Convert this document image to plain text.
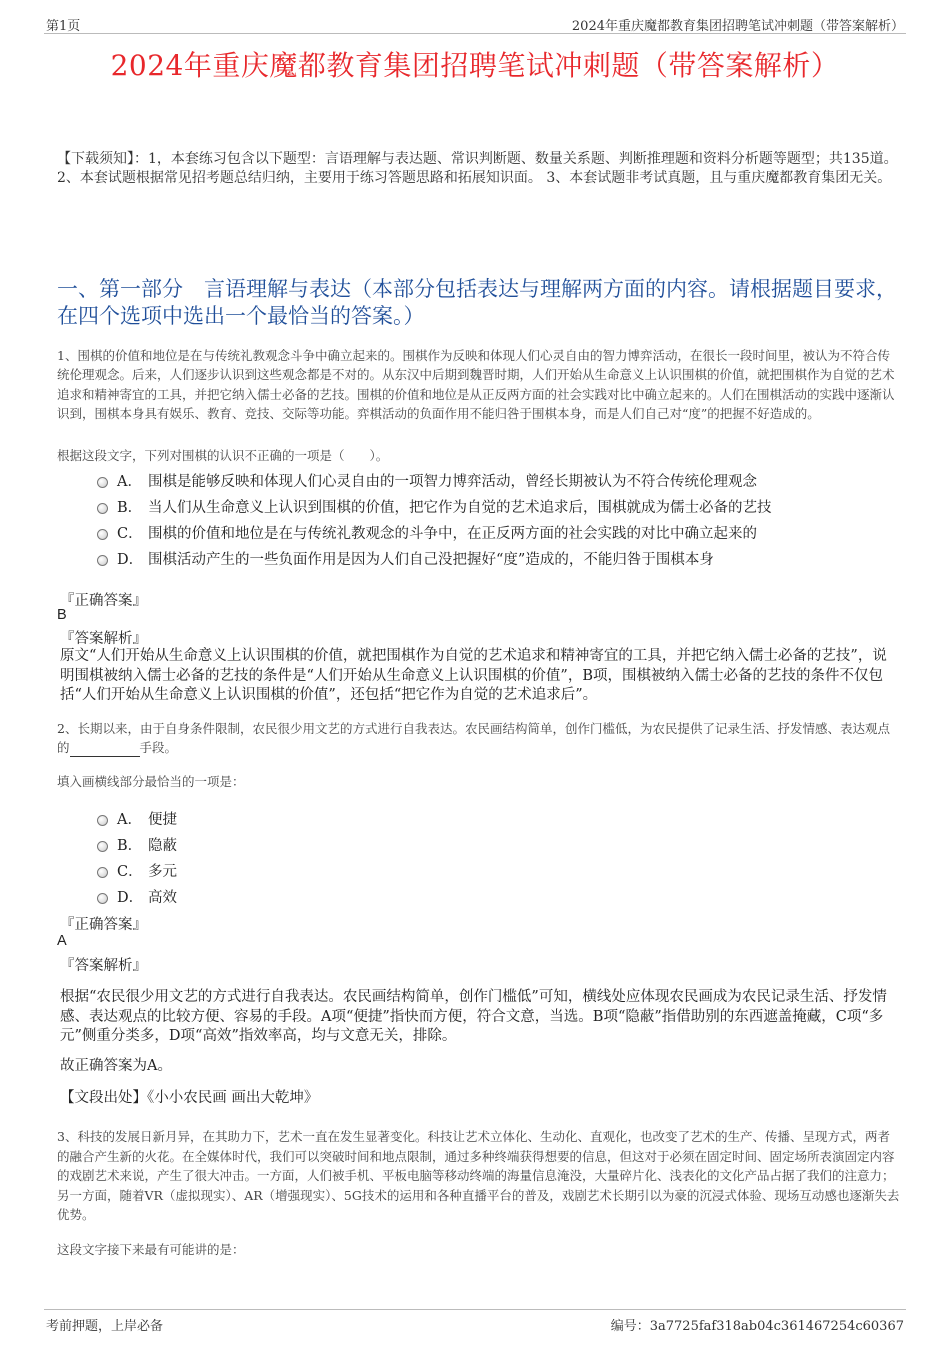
第1页	2024年重庆魔都教育集团招聘笔试冲刺题（带答案解析）
2024年重庆魔都教育集团招聘笔试冲刺题（带答案解析）
【下载须知】：1，本套练习包含以下题型：言语理解与表达题、常识判断题、数量关系题、判断推理题和资料分析题等题型；共135道。 2、本套试题根据常见招考题总结归纳，主要用于练习答题思路和拓展知识面。 3、本套试题非考试真题，且与重庆魔都教育集团无关。
一、第一部分　言语理解与表达（本部分包括表达与理解两方面的内容。请根据题目要求，在四个选项中选出一个最恰当的答案。）
1、围棋的价值和地位是在与传统礼教观念斗争中确立起来的。围棋作为反映和体现人们心灵自由的智力博弈活动，在很长一段时间里，被认为不符合传统伦理观念。后来，人们逐步认识到这些观念都是不对的。从东汉中后期到魏晋时期，人们开始从生命意义上认识围棋的价值，就把围棋作为自觉的艺术追求和精神寄宜的工具，并把它纳入儒士必备的艺技。围棋的价值和地位是从正反两方面的社会实践对比中确立起来的。人们在围棋活动的实践中逐渐认识到，围棋本身具有娱乐、教育、竞技、交际等功能。弈棋活动的负面作用不能归咎于围棋本身，而是人们自己对“度”的把握不好造成的。
根据这段文字，下列对围棋的认识不正确的一项是（　　）。
A． 围棋是能够反映和体现人们心灵自由的一项智力博弈活动，曾经长期被认为不符合传统伦理观念
B． 当人们从生命意义上认识到围棋的价值，把它作为自觉的艺术追求后，围棋就成为儒士必备的艺技
C． 围棋的价值和地位是在与传统礼教观念的斗争中，在正反两方面的社会实践的对比中确立起来的
D． 围棋活动产生的一些负面作用是因为人们自己没把握好“度”造成的，不能归咎于围棋本身
『正确答案』
B
『答案解析』
原文“人们开始从生命意义上认识围棋的价值，就把围棋作为自觉的艺术追求和精神寄宜的工具，并把它纳入儒士必备的艺技”，说明围棋被纳入儒士必备的艺技的条件是“人们开始从生命意义上认识围棋的价值”，B项，围棋被纳入儒士必备的艺技的条件不仅包括“人们开始从生命意义上认识围棋的价值”，还包括“把它作为自觉的艺术追求后”。
2、长期以来，由于自身条件限制，农民很少用文艺的方式进行自我表达。农民画结构简单，创作门槛低，为农民提供了记录生活、抒发情感、表达观点的	手段。
填入画横线部分最恰当的一项是：
A． 便捷
B． 隐蔽
C． 多元
D． 高效
『正确答案』
A
『答案解析』
根据“农民很少用文艺的方式进行自我表达。农民画结构简单，创作门槛低”可知，横线处应体现农民画成为农民记录生活、抒发情感、表达观点的比较方便、容易的手段。A项“便捷”指快而方便，符合文意，当选。B项“隐蔽”指借助别的东西遮盖掩藏，C项“多元”侧重分类多，D项“高效”指效率高，均与文意无关，排除。
故正确答案为A。
【文段出处】《小小农民画 画出大乾坤》
3、科技的发展日新月异，在其助力下，艺术一直在发生显著变化。科技让艺术立体化、生动化、直观化，也改变了艺术的生产、传播、呈现方式，两者的融合产生新的火花。在全媒体时代，我们可以突破时间和地点限制，通过多种终端获得想要的信息，但这对于必须在固定时间、固定场所表演固定内容的戏剧艺术来说，产生了很大冲击。一方面，人们被手机、平板电脑等移动终端的海量信息淹没，大量碎片化、浅表化的文化产品占据了我们的注意力；另一方面，随着VR（虚拟现实）、AR（增强现实）、5G技术的运用和各种直播平台的普及，戏剧艺术长期引以为豪的沉浸式体验、现场互动感也逐渐失去优势。
这段文字接下来最有可能讲的是：
考前押题，上岸必备	编号：3a7725faf318ab04c361467254c60367
